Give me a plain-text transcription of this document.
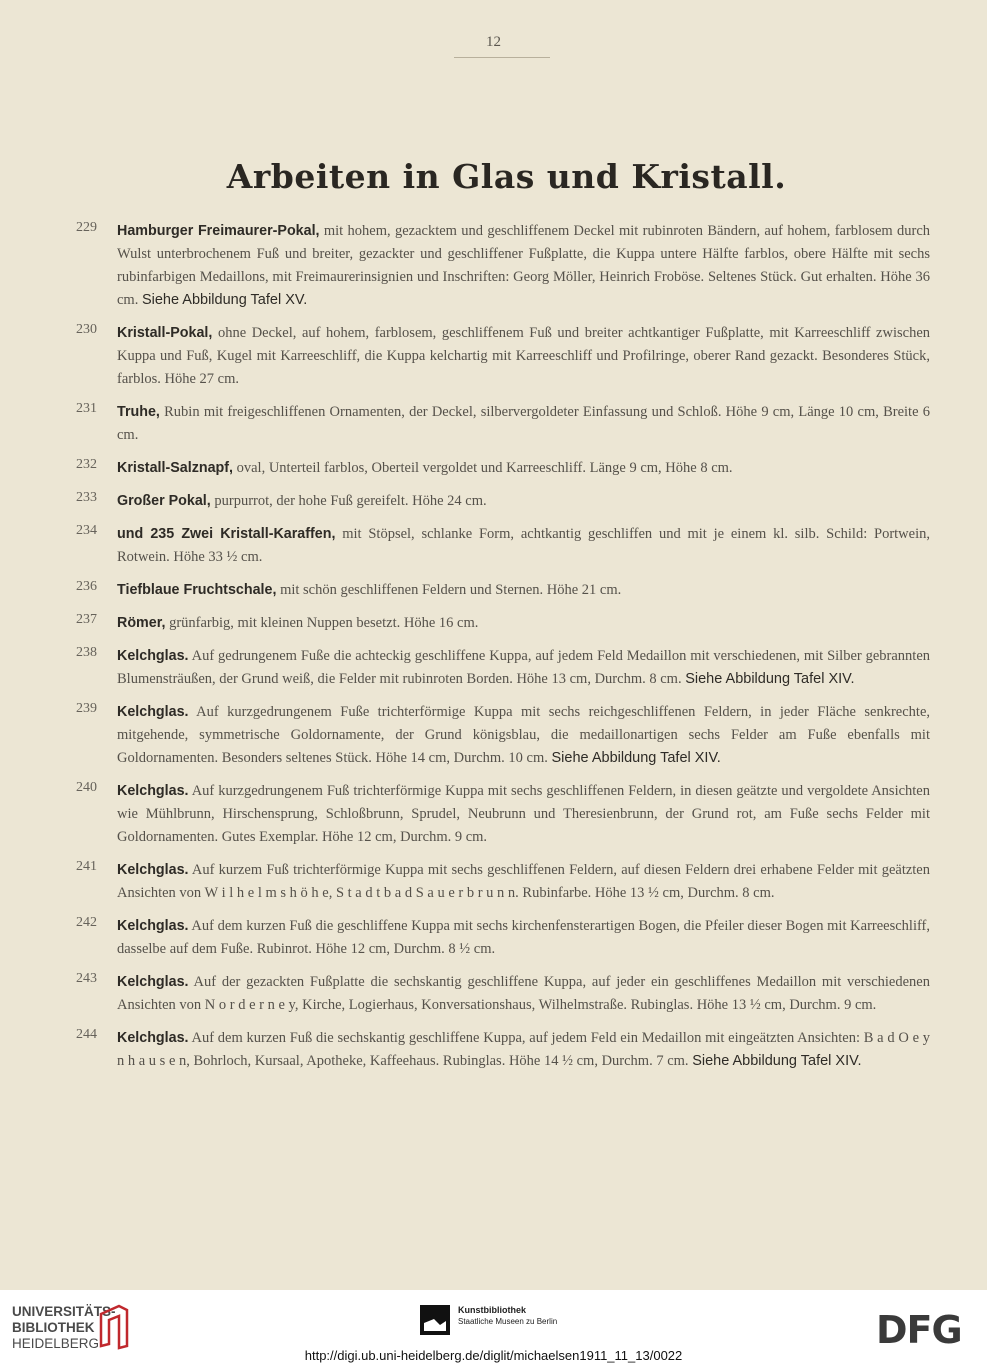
12
Arbeiten in Glas und Kristall.
229 Hamburger Freimaurer-Pokal, mit hohem, gezacktem und geschliffenem Deckel mit rubinroten Bändern, auf hohem, farblosem durch Wulst unterbrochenem Fuß und breiter, gezackter und geschliffener Fußplatte, die Kuppa untere Hälfte farblos, obere Hälfte mit sechs rubinfarbigen Medaillons, mit Freimaurerinsignien und Inschriften: Georg Möller, Heinrich Froböse. Seltenes Stück. Gut erhalten. Höhe 36 cm. Siehe Abbildung Tafel XV.

230 Kristall-Pokal, ohne Deckel, auf hohem, farblosem, geschliffenem Fuß und breiter achtkantiger Fußplatte, mit Karreeschliff zwischen Kuppa und Fuß, Kugel mit Karreeschliff, die Kuppa kelchartig mit Karreeschliff und Profilringe, oberer Rand gezackt. Besonderes Stück, farblos. Höhe 27 cm.

231 Truhe, Rubin mit freigeschliffenen Ornamenten, der Deckel, silbervergoldeter Einfassung und Schloß. Höhe 9 cm, Länge 10 cm, Breite 6 cm.

232 Kristall-Salznapf, oval, Unterteil farblos, Oberteil vergoldet und Karreeschliff. Länge 9 cm, Höhe 8 cm.

233 Großer Pokal, purpurrot, der hohe Fuß gereifelt. Höhe 24 cm.

234 und 235 Zwei Kristall-Karaffen, mit Stöpsel, schlanke Form, achtkantig geschliffen und mit je einem kl. silb. Schild: Portwein, Rotwein. Höhe 33 ½ cm.

236 Tiefblaue Fruchtschale, mit schön geschliffenen Feldern und Sternen. Höhe 21 cm.

237 Römer, grünfarbig, mit kleinen Nuppen besetzt. Höhe 16 cm.

238 Kelchglas. Auf gedrungenem Fuße die achteckig geschliffene Kuppa, auf jedem Feld Medaillon mit verschiedenen, mit Silber gebrannten Blumensträußen, der Grund weiß, die Felder mit rubinroten Borden. Höhe 13 cm, Durchm. 8 cm. Siehe Abbildung Tafel XIV.

239 Kelchglas. Auf kurzgedrungenem Fuße trichterförmige Kuppa mit sechs reichgeschliffenen Feldern, in jeder Fläche senkrechte, mitgehende, symmetrische Goldornamente, der Grund königsblau, die medaillonartigen sechs Felder am Fuße ebenfalls mit Goldornamenten. Besonders seltenes Stück. Höhe 14 cm, Durchm. 10 cm. Siehe Abbildung Tafel XIV.

240 Kelchglas. Auf kurzgedrungenem Fuß trichterförmige Kuppa mit sechs geschliffenen Feldern, in diesen geätzte und vergoldete Ansichten wie Mühlbrunn, Hirschensprung, Schloßbrunn, Sprudel, Neubrunn und Theresienbrunn, der Grund rot, am Fuße sechs Felder mit Goldornamenten. Gutes Exemplar. Höhe 12 cm, Durchm. 9 cm.

241 Kelchglas. Auf kurzem Fuß trichterförmige Kuppa mit sechs geschliffenen Feldern, auf diesen Feldern drei erhabene Felder mit geätzten Ansichten von W i l h e l m s h ö h e, S t a d t b a d S a u e r b r u n n. Rubinfarbe. Höhe 13 ½ cm, Durchm. 8 cm.

242 Kelchglas. Auf dem kurzen Fuß die geschliffene Kuppa mit sechs kirchenfensterartigen Bogen, die Pfeiler dieser Bogen mit Karreeschliff, dasselbe auf dem Fuße. Rubinrot. Höhe 12 cm, Durchm. 8 ½ cm.

243 Kelchglas. Auf der gezackten Fußplatte die sechskantig geschliffene Kuppa, auf jeder ein geschliffenes Medaillon mit verschiedenen Ansichten von N o r d e r n e y, Kirche, Logierhaus, Konversationshaus, Wilhelmstraße. Rubinglas. Höhe 13 ½ cm, Durchm. 9 cm.

244 Kelchglas. Auf dem kurzen Fuß die sechskantig geschliffene Kuppa, auf jedem Feld ein Medaillon mit eingeätzten Ansichten: B a d O e y n h a u s e n, Bohrloch, Kursaal, Apotheke, Kaffeehaus. Rubinglas. Höhe 14 ½ cm, Durchm. 7 cm. Siehe Abbildung Tafel XIV.

UNIVERSITÄTS-
BIBLIOTHEK
HEIDELBERG
Kunstbibliothek
Staatliche Museen zu Berlin	DFG
http://digi.ub.uni-heidelberg.de/diglit/michaelsen1911_11_13/0022
